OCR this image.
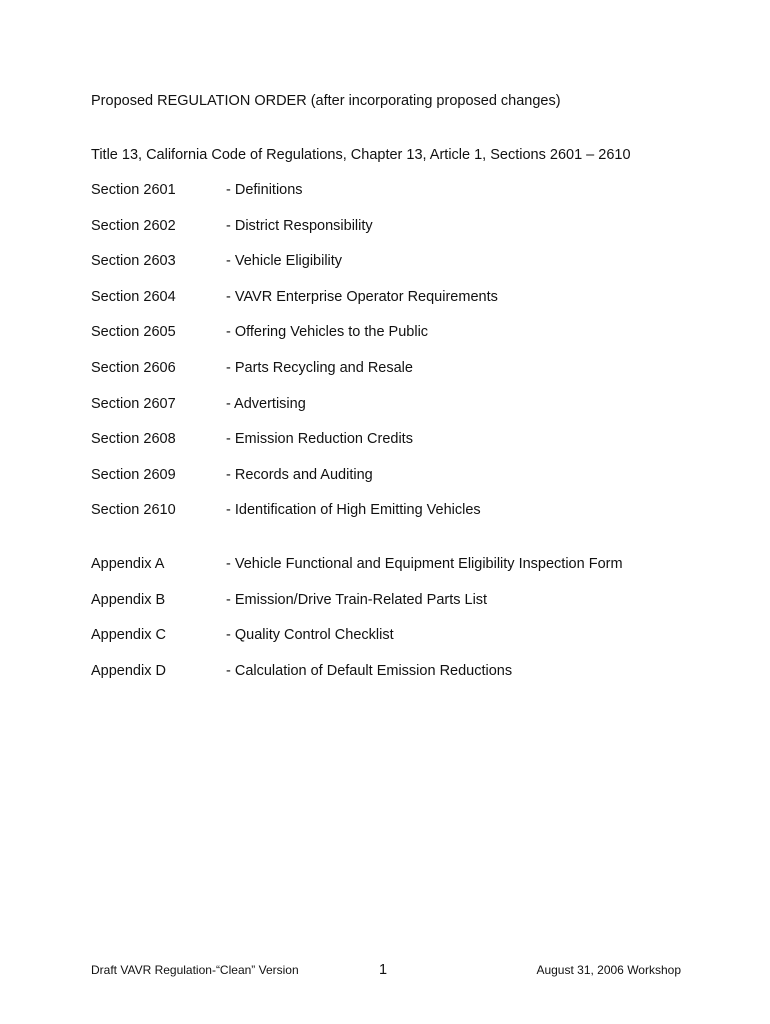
Proposed REGULATION ORDER (after incorporating proposed changes)
Title 13, California Code of Regulations, Chapter 13, Article 1, Sections 2601 – 2610
Section 2601	- Definitions
Section 2602	- District Responsibility
Section 2603	- Vehicle Eligibility
Section 2604	- VAVR Enterprise Operator Requirements
Section 2605	- Offering Vehicles to the Public
Section 2606	- Parts Recycling and Resale
Section 2607	- Advertising
Section 2608	- Emission Reduction Credits
Section 2609	- Records and Auditing
Section 2610	- Identification of High Emitting Vehicles
Appendix A	- Vehicle Functional and Equipment Eligibility Inspection Form
Appendix B	- Emission/Drive Train-Related Parts List
Appendix C	- Quality Control Checklist
Appendix D	- Calculation of Default Emission Reductions
Draft VAVR Regulation-“Clean” Version	1	August 31, 2006 Workshop
